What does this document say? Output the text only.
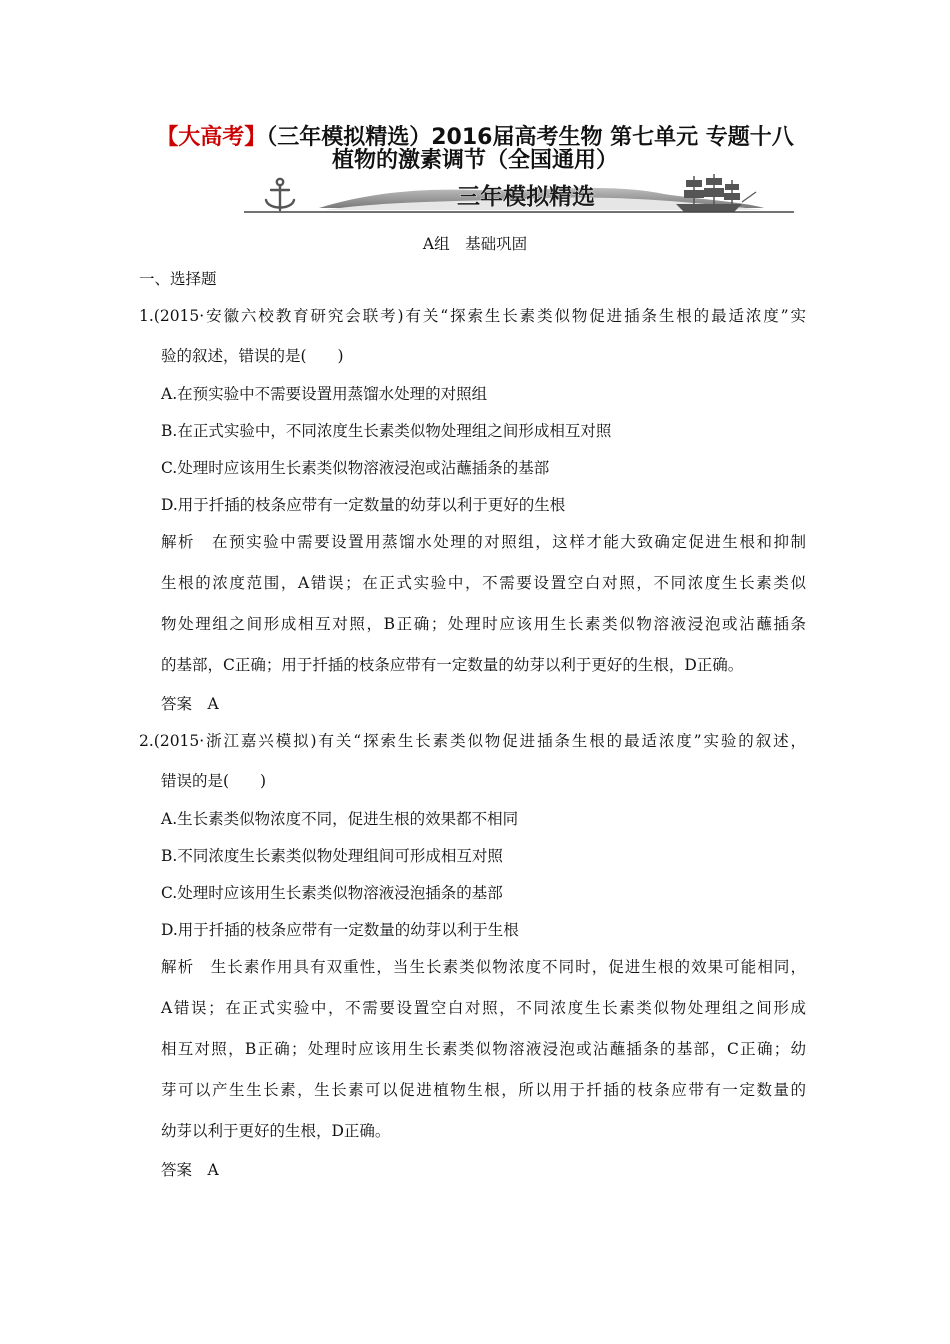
【大高考】（三年模拟精选）2016届高考生物 第七单元 专题十八
植物的激素调节（全国通用）
三年模拟精选
A组　基础巩固
一、选择题
1.(2015·安徽六校教育研究会联考)有关“探索生长素类似物促进插条生根的最适浓度”实
验的叙述，错误的是(　　)
A.在预实验中不需要设置用蒸馏水处理的对照组
B.在正式实验中，不同浓度生长素类似物处理组之间形成相互对照
C.处理时应该用生长素类似物溶液浸泡或沾蘸插条的基部
D.用于扦插的枝条应带有一定数量的幼芽以利于更好的生根
解析　在预实验中需要设置用蒸馏水处理的对照组，这样才能大致确定促进生根和抑制
生根的浓度范围，A错误；在正式实验中，不需要设置空白对照，不同浓度生长素类似
物处理组之间形成相互对照，B正确；处理时应该用生长素类似物溶液浸泡或沾蘸插条
的基部，C正确；用于扦插的枝条应带有一定数量的幼芽以利于更好的生根，D正确。
答案　A
2.(2015·浙江嘉兴模拟)有关“探索生长素类似物促进插条生根的最适浓度”实验的叙述，
错误的是(　　)
A.生长素类似物浓度不同，促进生根的效果都不相同
B.不同浓度生长素类似物处理组间可形成相互对照
C.处理时应该用生长素类似物溶液浸泡插条的基部
D.用于扦插的枝条应带有一定数量的幼芽以利于生根
解析　生长素作用具有双重性，当生长素类似物浓度不同时，促进生根的效果可能相同，
A错误；在正式实验中，不需要设置空白对照，不同浓度生长素类似物处理组之间形成
相互对照，B正确；处理时应该用生长素类似物溶液浸泡或沾蘸插条的基部，C正确；幼
芽可以产生生长素，生长素可以促进植物生根，所以用于扦插的枝条应带有一定数量的
幼芽以利于更好的生根，D正确。
答案　A
